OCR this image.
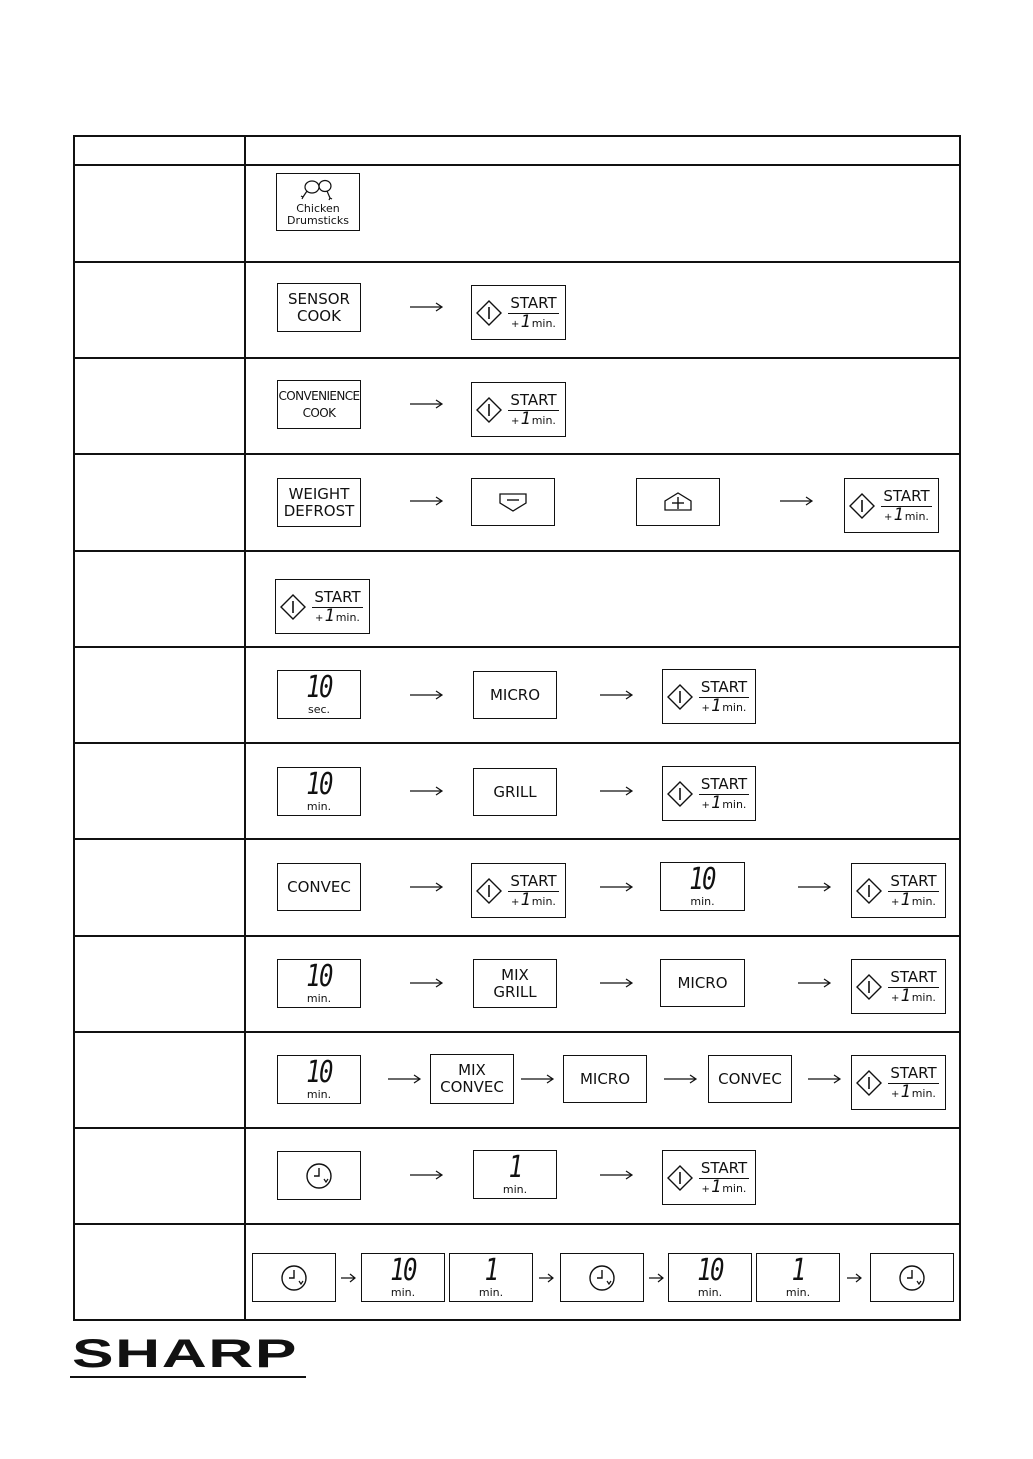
Chicken
Drumsticks
SENSOR
COOK
START
+1min.
CONVENIENCE
COOK
START
+1min.
WEIGHT
DEFROST
START
+1min.
START
+1min.
10
sec.
MICRO	START
+1min.
10
min.
GRILL	START
+1min.
CONVEC	START
+1min.
10
min.
START
+1min.
10
min.
MIX
GRILL	MICRO	START
+1min.
10
min.
MIX
CONVEC	MICRO	CONVEC	START
+1min.
1
min.
START
+1min.
10
min.
1
min.
10
min.
1
min.
SHARP
